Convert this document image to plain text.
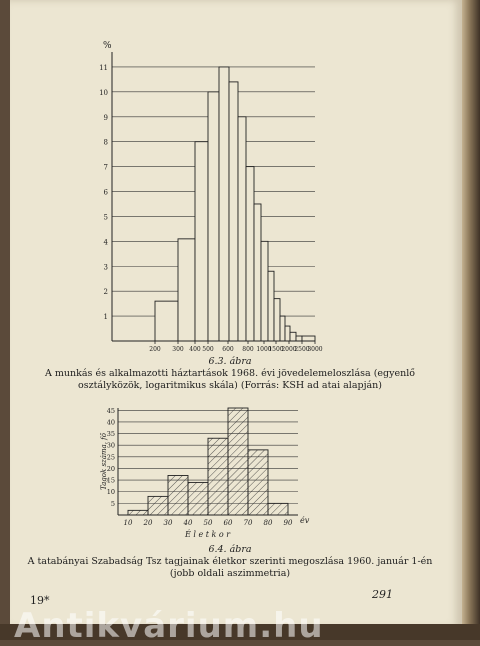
%
1
2
3
4
5
6
7
8
9
10
11
200 300 400 500 600 800 1000
1500
2000
2500
3000
6.3. ábra
A munkás és alkalmazotti háztartások 1968. évi jövedelemeloszlása (egyenlő
osztályközök, logaritmikus skála) (Forrás: KSH ad atai alapján)
5
10
15
20
25
30
35
40
45
10 20 30 40 50 60 70 80 90
Tagok száma, fő
év
É l e t k o r
6.4. ábra
A tatabányai Szabadság Tsz tagjainak életkor szerinti megoszlása 1960. január 1-én
(jobb oldali aszimmetria)
19*	291
Antikvárium.hu
